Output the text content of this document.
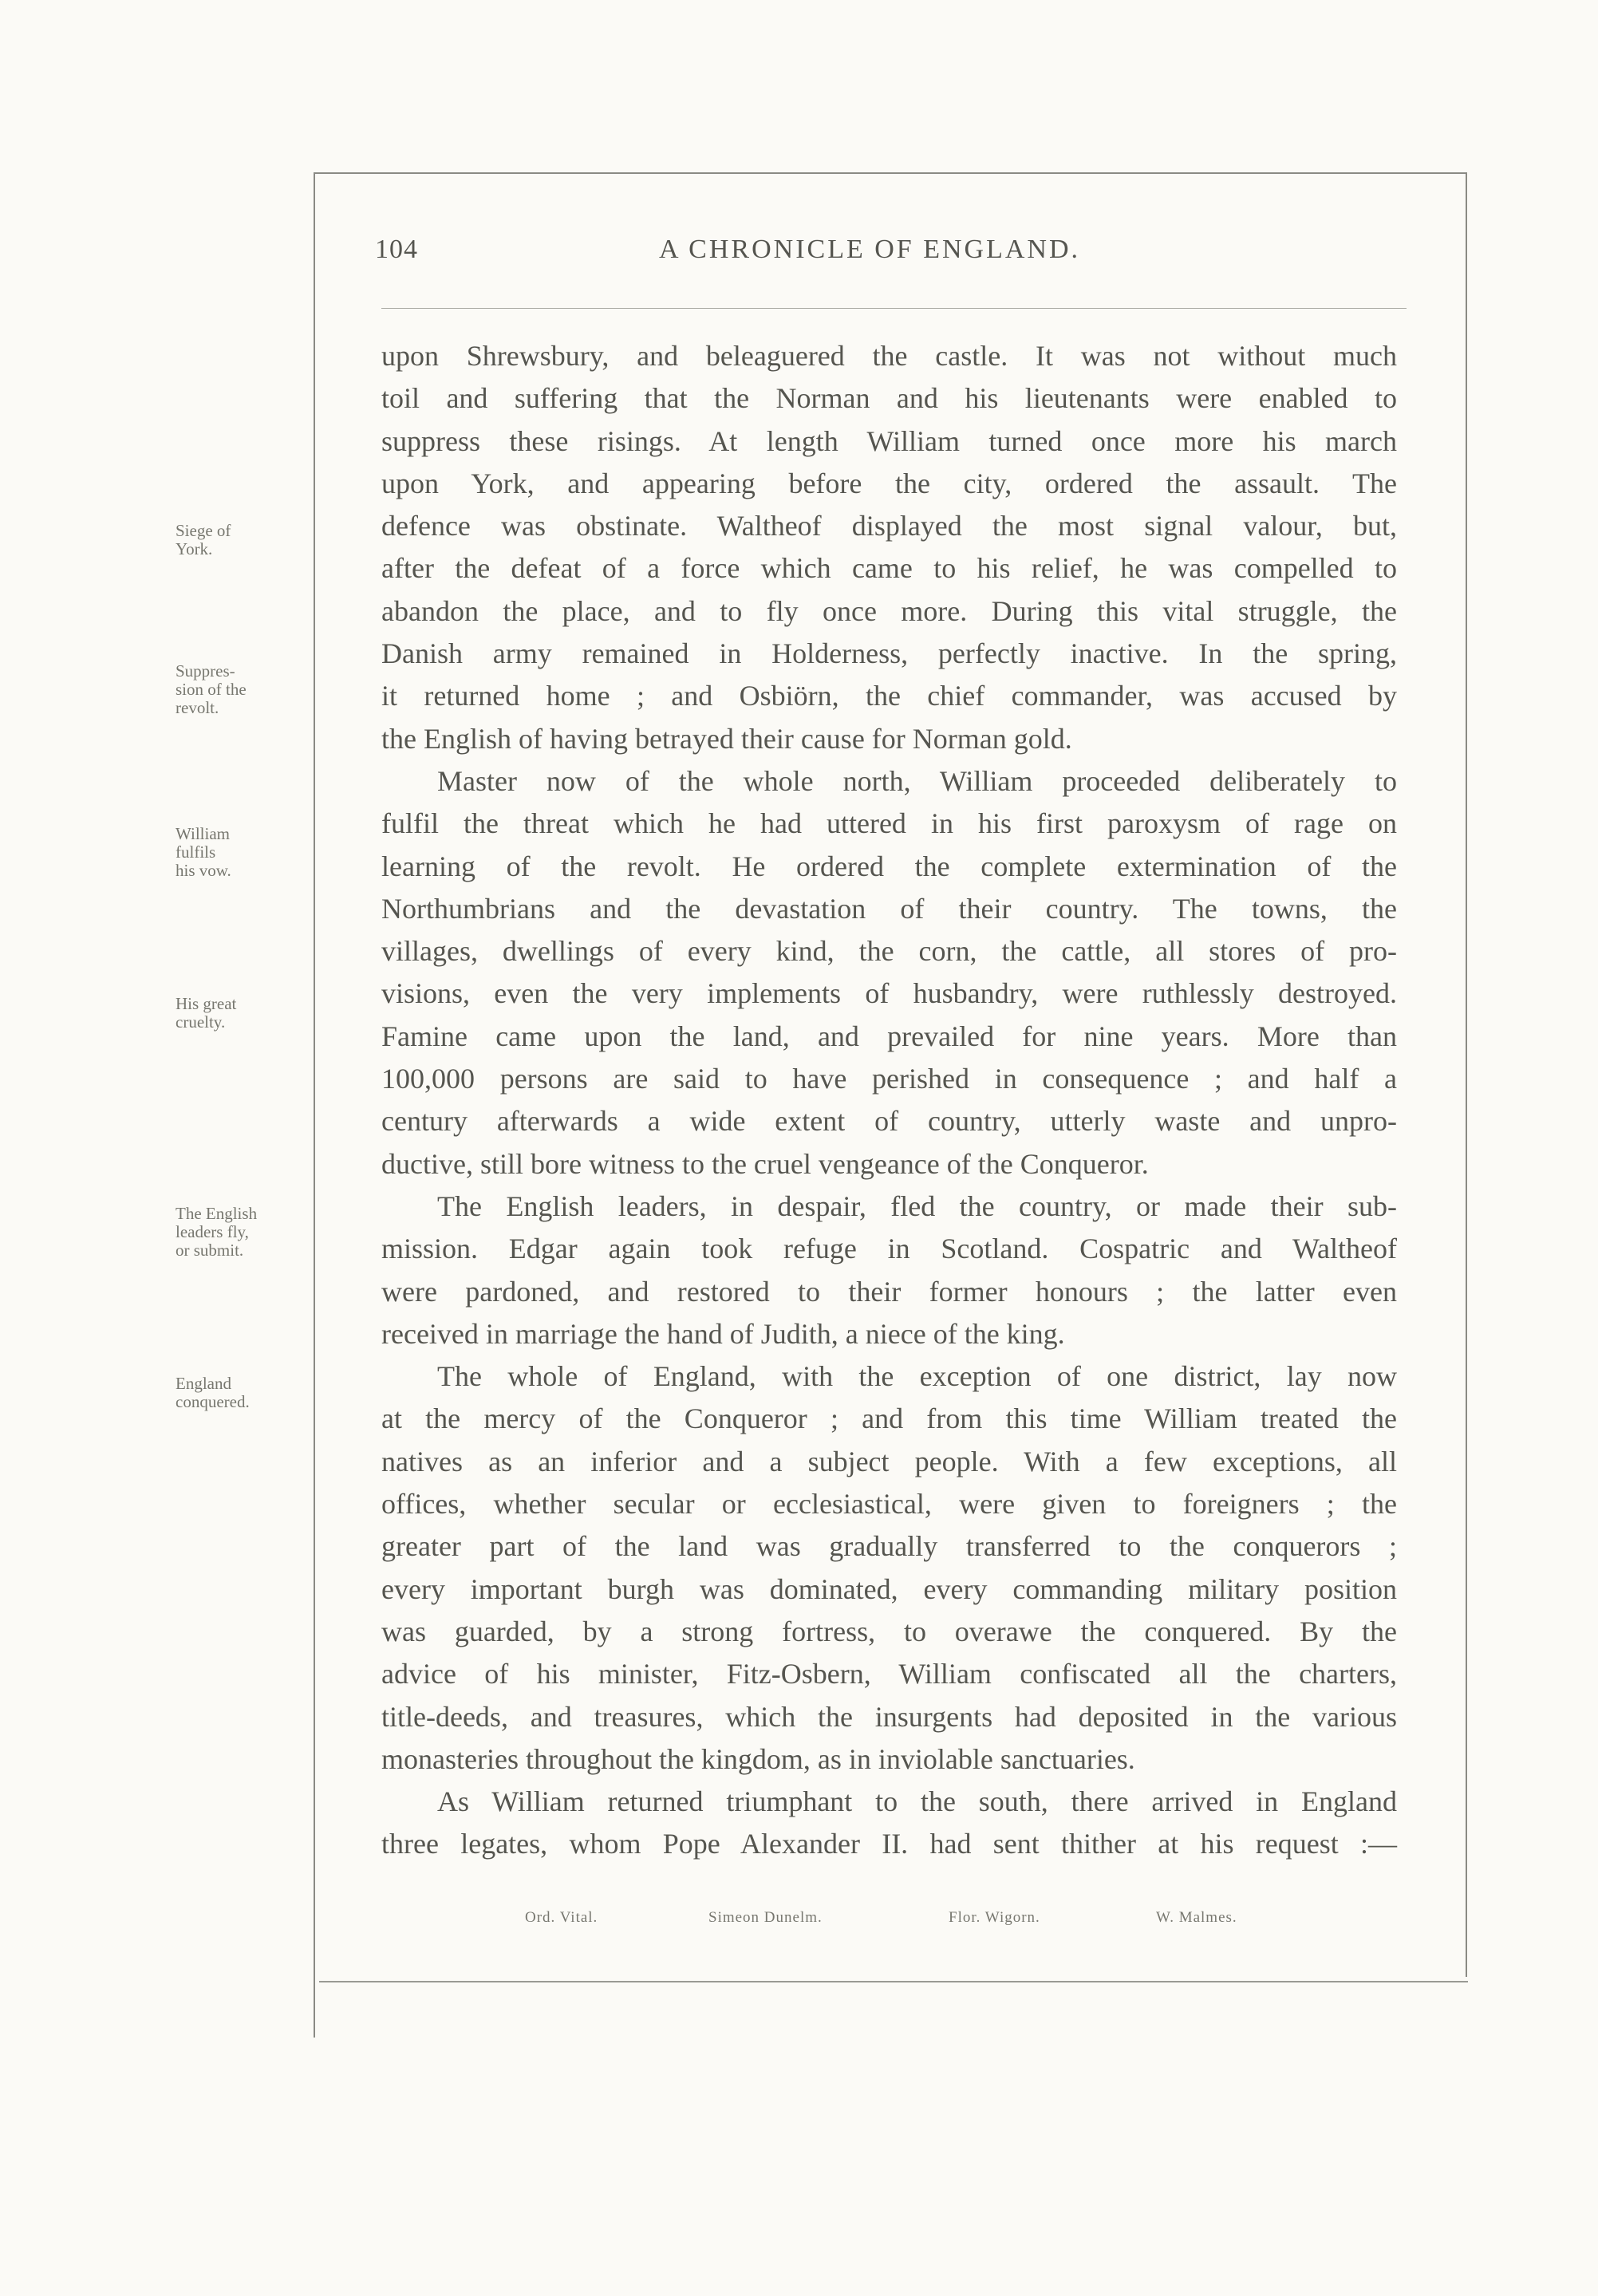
104	A CHRONICLE OF ENGLAND.
Siege of
York.
Suppres-
sion of the
revolt.
William
fulfils
his vow.
His great
cruelty.
The English
leaders fly,
or submit.
England
conquered.
upon Shrewsbury, and beleaguered the castle. It was not without much
toil and suffering that the Norman and his lieutenants were enabled to
suppress these risings. At length William turned once more his march
upon York, and appearing before the city, ordered the assault. The
defence was obstinate. Waltheof displayed the most signal valour, but,
after the defeat of a force which came to his relief, he was compelled to
abandon the place, and to fly once more. During this vital struggle, the
Danish army remained in Holderness, perfectly inactive. In the spring,
it returned home ; and Osbiörn, the chief commander, was accused by
the English of having betrayed their cause for Norman gold.
Master now of the whole north, William proceeded deliberately to
fulfil the threat which he had uttered in his first paroxysm of rage on
learning of the revolt. He ordered the complete extermination of the
Northumbrians and the devastation of their country. The towns, the
villages, dwellings of every kind, the corn, the cattle, all stores of pro-
visions, even the very implements of husbandry, were ruthlessly destroyed.
Famine came upon the land, and prevailed for nine years. More than
100,000 persons are said to have perished in consequence ; and half a
century afterwards a wide extent of country, utterly waste and unpro-
ductive, still bore witness to the cruel vengeance of the Conqueror.
The English leaders, in despair, fled the country, or made their sub-
mission. Edgar again took refuge in Scotland. Cospatric and Waltheof
were pardoned, and restored to their former honours ; the latter even
received in marriage the hand of Judith, a niece of the king.
The whole of England, with the exception of one district, lay now
at the mercy of the Conqueror ; and from this time William treated the
natives as an inferior and a subject people. With a few exceptions, all
offices, whether secular or ecclesiastical, were given to foreigners ; the
greater part of the land was gradually transferred to the conquerors ;
every important burgh was dominated, every commanding military position
was guarded, by a strong fortress, to overawe the conquered. By the
advice of his minister, Fitz-Osbern, William confiscated all the charters,
title-deeds, and treasures, which the insurgents had deposited in the various
monasteries throughout the kingdom, as in inviolable sanctuaries.
As William returned triumphant to the south, there arrived in England
three legates, whom Pope Alexander II. had sent thither at his request :—
Ord. Vital.	Simeon Dunelm.	Flor. Wigorn.	W. Malmes.
